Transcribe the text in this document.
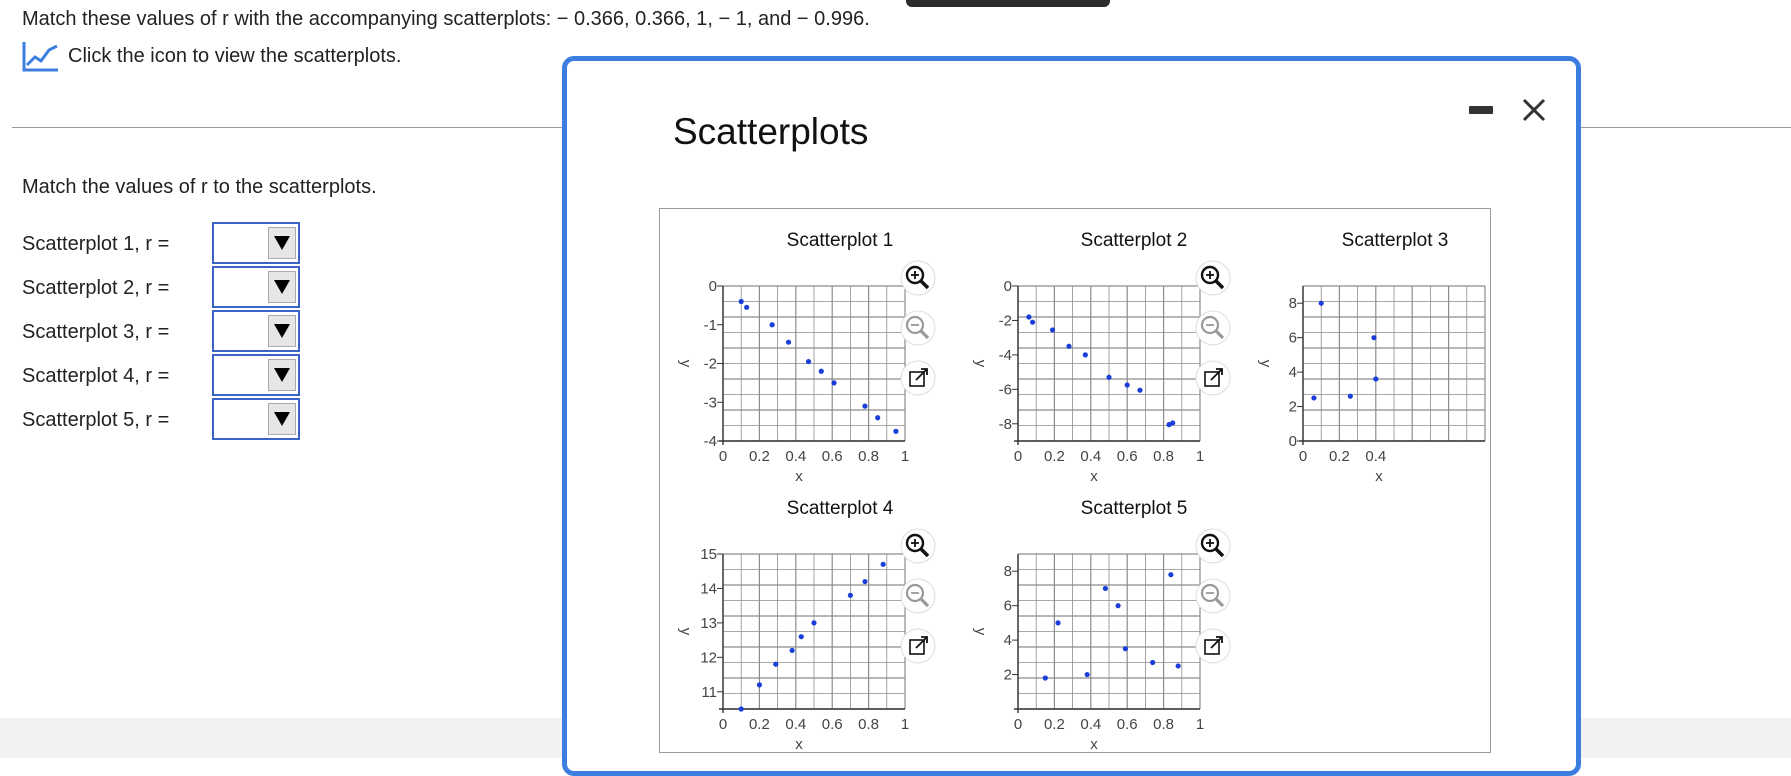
Match these values of r with the accompanying scatterplots: − 0.366, 0.366, 1, − 1, and − 0.996.
Click the icon to view the scatterplots.
Match the values of r to the scatterplots.
Scatterplot 1, r =
Scatterplot 2, r =
Scatterplot 3, r =
Scatterplot 4, r =
Scatterplot 5, r =
Scatterplots
Scatterplot 1
0 0.2 0.4 0.6 0.8 1
0
-1
-2
-3
-4
x
y
Scatterplot 2
0 0.2 0.4 0.6 0.8 1
0
-2
-4
-6
-8
x
y
Scatterplot 3
0 0.2 0.4
0
2
4
6
8
x
y
Scatterplot 4
0 0.2 0.4 0.6 0.8 1
15
14
13
12
11
x
y
Scatterplot 5
0 0.2 0.4 0.6 0.8 1
8
6
4
2
x
y
